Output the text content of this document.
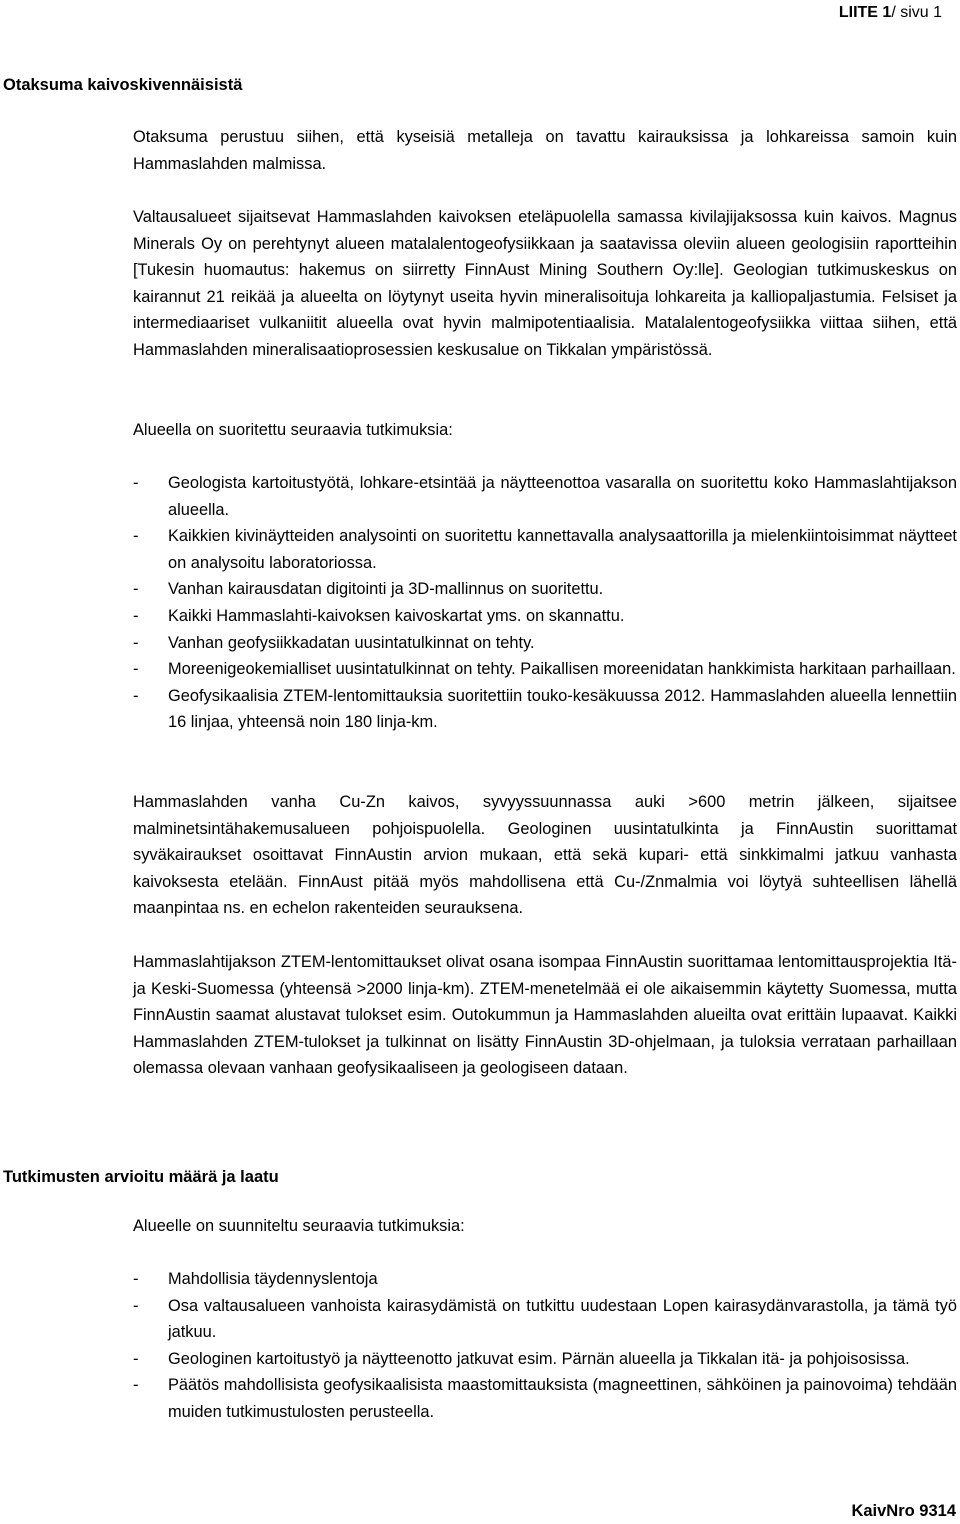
LIITE 1/ sivu 1
Otaksuma kaivoskivennäisistä

Otaksuma perustuu siihen, että kyseisiä metalleja on tavattu kairauksissa ja lohkareissa samoin kuin Hammaslahden malmissa.

Valtausalueet sijaitsevat Hammaslahden kaivoksen eteläpuolella samassa kivilajijaksossa kuin kaivos. Magnus Minerals Oy on perehtynyt alueen matalalentogeofysiikkaan ja saatavissa oleviin alueen geologisiin raportteihin [Tukesin huomautus: hakemus on siirretty FinnAust Mining Southern Oy:lle]. Geologian tutkimuskeskus on kairannut 21 reikää ja alueelta on löytynyt useita hyvin mineralisoituja lohkareita ja kalliopaljastumia. Felsiset ja intermediaariset vulkaniitit alueella ovat hyvin malmipotentiaalisia. Matalalentogeofysiikka viittaa siihen, että Hammaslahden mineralisaatioprosessien keskusalue on Tikkalan ympäristössä.

Alueella on suoritettu seuraavia tutkimuksia:

- Geologista kartoitustyötä, lohkare-etsintää ja näytteenottoa vasaralla on suoritettu koko Hammaslahtijakson alueella.
- Kaikkien kivinäytteiden analysointi on suoritettu kannettavalla analysaattorilla ja mielenkiintoisimmat näytteet on analysoitu laboratoriossa.
- Vanhan kairausdatan digitointi ja 3D-mallinnus on suoritettu.
- Kaikki Hammaslahti-kaivoksen kaivoskartat yms. on skannattu.
- Vanhan geofysiikkadatan uusintatulkinnat on tehty.
- Moreenigeokemialliset uusintatulkinnat on tehty. Paikallisen moreenidatan hankkimista harkitaan parhaillaan.
- Geofysikaalisia ZTEM-lentomittauksia suoritettiin touko-kesäkuussa 2012. Hammaslahden alueella lennettiin 16 linjaa, yhteensä noin 180 linja-km.

Hammaslahden vanha Cu-Zn kaivos, syvyyssuunnassa auki >600 metrin jälkeen, sijaitsee malminetsintähakemusalueen pohjoispuolella. Geologinen uusintatulkinta ja FinnAustin suorittamat syväkairaukset osoittavat FinnAustin arvion mukaan, että sekä kupari- että sinkkimalmi jatkuu vanhasta kaivoksesta etelään. FinnAust pitää myös mahdollisena että Cu-/Znmalmia voi löytyä suhteellisen lähellä maanpintaa ns. en echelon rakenteiden seurauksena.

Hammaslahtijakson ZTEM-lentomittaukset olivat osana isompaa FinnAustin suorittamaa lentomittausprojektia Itä- ja Keski-Suomessa (yhteensä >2000 linja-km). ZTEM-menetelmää ei ole aikaisemmin käytetty Suomessa, mutta FinnAustin saamat alustavat tulokset esim. Outokummun ja Hammaslahden alueilta ovat erittäin lupaavat. Kaikki Hammaslahden ZTEM-tulokset ja tulkinnat on lisätty FinnAustin 3D-ohjelmaan, ja tuloksia verrataan parhaillaan olemassa olevaan vanhaan geofysikaaliseen ja geologiseen dataan.

Tutkimusten arvioitu määrä ja laatu

Alueelle on suunniteltu seuraavia tutkimuksia:

- Mahdollisia täydennyslentoja
- Osa valtausalueen vanhoista kairasydämistä on tutkittu uudestaan Lopen kairasydänvarastolla, ja tämä työ jatkuu.
- Geologinen kartoitustyö ja näytteenotto jatkuvat esim. Pärnän alueella ja Tikkalan itä- ja pohjoisosissa.
- Päätös mahdollisista geofysikaalisista maastomittauksista (magneettinen, sähköinen ja painovoima) tehdään muiden tutkimustulosten perusteella.
KaivNro 9314
